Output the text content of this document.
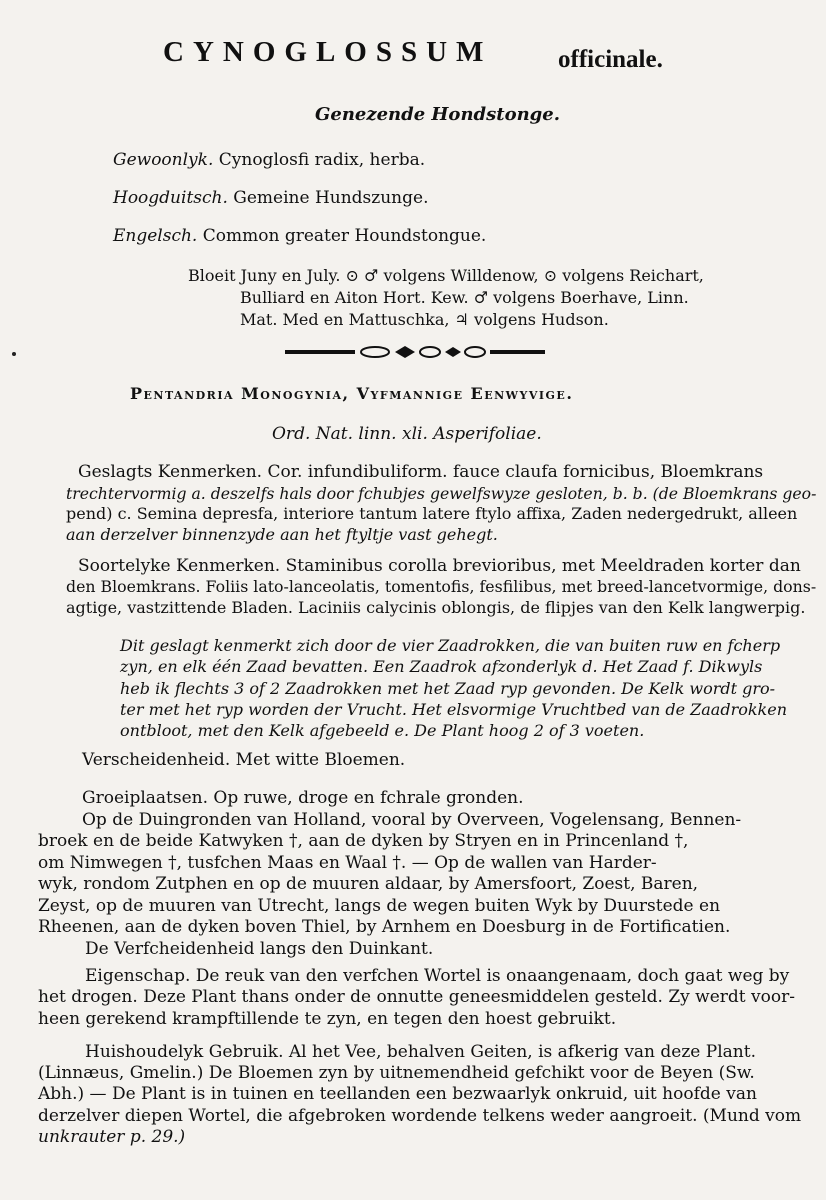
CYNOGLOSSUM	officinale.
Genezende Hondstonge.
Gewoonlyk. Cynoglosfi radix, herba.
Hoogduitsch. Gemeine Hundszunge.
Engelsch. Common greater Houndstongue.
Bloeit Juny en July. ⊙ ♂ volgens Willdenow, ⊙ volgens Reichart,
Bulliard en Aiton Hort. Kew. ♂ volgens Boerhave, Linn.
Mat. Med en Mattuschka, ♃ volgens Hudson.
Pentandria Monogynia, Vyfmannige Eenwyvige.
Ord. Nat. linn. xli. Asperifoliae.
Geslagts Kenmerken. Cor. infundibuliform. fauce claufa fornicibus, Bloemkrans
trechtervormig a. deszelfs hals door fchubjes gewelfswyze gesloten, b. b. (de Bloemkrans geo-
pend) c. Semina depresfa, interiore tantum latere ftylo affixa, Zaden nedergedrukt, alleen
aan derzelver binnenzyde aan het ftyltje vast gehegt.
Soortelyke Kenmerken. Staminibus corolla brevioribus, met Meeldraden korter dan
den Bloemkrans. Foliis lato-lanceolatis, tomentofis, fesfilibus, met breed-lancetvormige, dons-
agtige, vastzittende Bladen. Laciniis calycinis oblongis, de flipjes van den Kelk langwerpig.
Dit geslagt kenmerkt zich door de vier Zaadrokken, die van buiten ruw en fcherp
zyn, en elk één Zaad bevatten. Een Zaadrok afzonderlyk d. Het Zaad f. Dikwyls
heb ik flechts 3 of 2 Zaadrokken met het Zaad ryp gevonden. De Kelk wordt gro-
ter met het ryp worden der Vrucht. Het elsvormige Vruchtbed van de Zaadrokken
ontbloot, met den Kelk afgebeeld e. De Plant hoog 2 of 3 voeten.
Verscheidenheid. Met witte Bloemen.
Groeiplaatsen. Op ruwe, droge en fchrale gronden.
Op de Duingronden van Holland, vooral by Overveen, Vogelensang, Bennen-
broek en de beide Katwyken †, aan de dyken by Stryen en in Princenland †,
om Nimwegen †, tusfchen Maas en Waal †. — Op de wallen van Harder-
wyk, rondom Zutphen en op de muuren aldaar, by Amersfoort, Zoest, Baren,
Zeyst, op de muuren van Utrecht, langs de wegen buiten Wyk by Duurstede en
Rheenen, aan de dyken boven Thiel, by Arnhem en Doesburg in de Fortificatien.
De Verfcheidenheid langs den Duinkant.
Eigenschap. De reuk van den verfchen Wortel is onaangenaam, doch gaat weg by
het drogen. Deze Plant thans onder de onnutte geneesmiddelen gesteld. Zy werdt voor-
heen gerekend krampftillende te zyn, en tegen den hoest gebruikt.
Huishoudelyk Gebruik. Al het Vee, behalven Geiten, is afkerig van deze Plant.
(Linnæus, Gmelin.) De Bloemen zyn by uitnemendheid gefchikt voor de Beyen (Sw.
Abh.) — De Plant is in tuinen en teellanden een bezwaarlyk onkruid, uit hoofde van
derzelver diepen Wortel, die afgebroken wordende telkens weder aangroeit. (Mund vom
unkrauter p. 29.)
